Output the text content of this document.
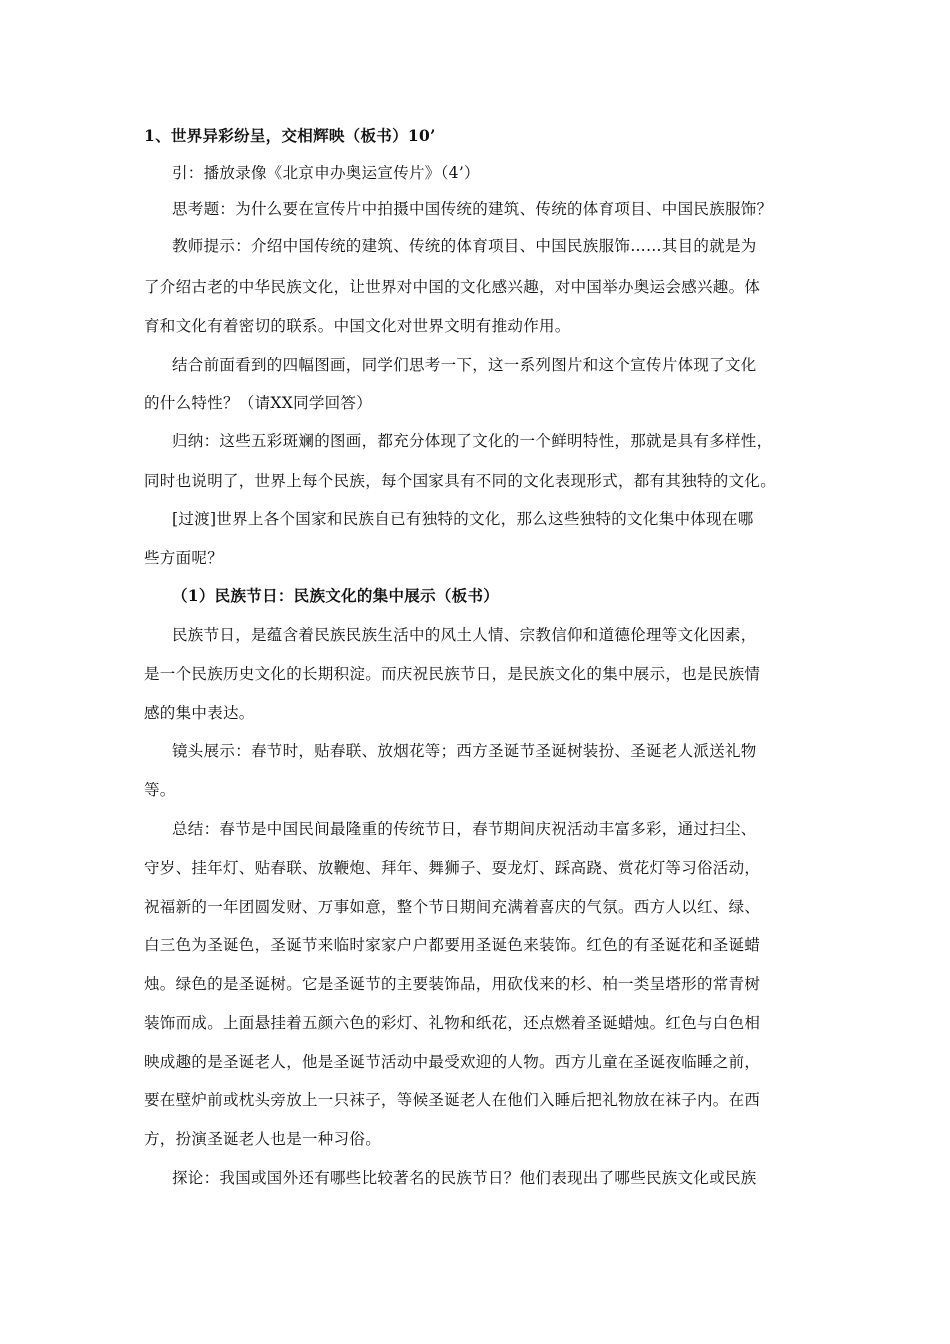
1、世界异彩纷呈，交相辉映（板书）10’
引：播放录像《北京申办奥运宣传片》（4’）
思考题：为什么要在宣传片中拍摄中国传统的建筑、传统的体育项目、中国民族服饰？
教师提示：介绍中国传统的建筑、传统的体育项目、中国民族服饰……其目的就是为
了介绍古老的中华民族文化，让世界对中国的文化感兴趣，对中国举办奥运会感兴趣。体
育和文化有着密切的联系。中国文化对世界文明有推动作用。
结合前面看到的四幅图画，同学们思考一下，这一系列图片和这个宣传片体现了文化
的什么特性？（请XX同学回答）
归纳：这些五彩斑斓的图画，都充分体现了文化的一个鲜明特性，那就是具有多样性，
同时也说明了，世界上每个民族，每个国家具有不同的文化表现形式，都有其独特的文化。
[过渡]世界上各个国家和民族自已有独特的文化，那么这些独特的文化集中体现在哪
些方面呢？
（1）民族节日：民族文化的集中展示（板书）
民族节日，是蕴含着民族民族生活中的风土人情、宗教信仰和道德伦理等文化因素，
是一个民族历史文化的长期积淀。而庆祝民族节日，是民族文化的集中展示，也是民族情
感的集中表达。
镜头展示：春节时，贴春联、放烟花等；西方圣诞节圣诞树装扮、圣诞老人派送礼物
等。
总结：春节是中国民间最隆重的传统节日，春节期间庆祝活动丰富多彩，通过扫尘、
守岁、挂年灯、贴春联、放鞭炮、拜年、舞狮子、耍龙灯、踩高跷、赏花灯等习俗活动，
祝福新的一年团圆发财、万事如意，整个节日期间充满着喜庆的气氛。西方人以红、绿、
白三色为圣诞色，圣诞节来临时家家户户都要用圣诞色来装饰。红色的有圣诞花和圣诞蜡
烛。绿色的是圣诞树。它是圣诞节的主要装饰品，用砍伐来的杉、柏一类呈塔形的常青树
装饰而成。上面悬挂着五颜六色的彩灯、礼物和纸花，还点燃着圣诞蜡烛。红色与白色相
映成趣的是圣诞老人，他是圣诞节活动中最受欢迎的人物。西方儿童在圣诞夜临睡之前，
要在壁炉前或枕头旁放上一只袜子，等候圣诞老人在他们入睡后把礼物放在袜子内。在西
方，扮演圣诞老人也是一种习俗。
探论：我国或国外还有哪些比较著名的民族节日？他们表现出了哪些民族文化或民族
